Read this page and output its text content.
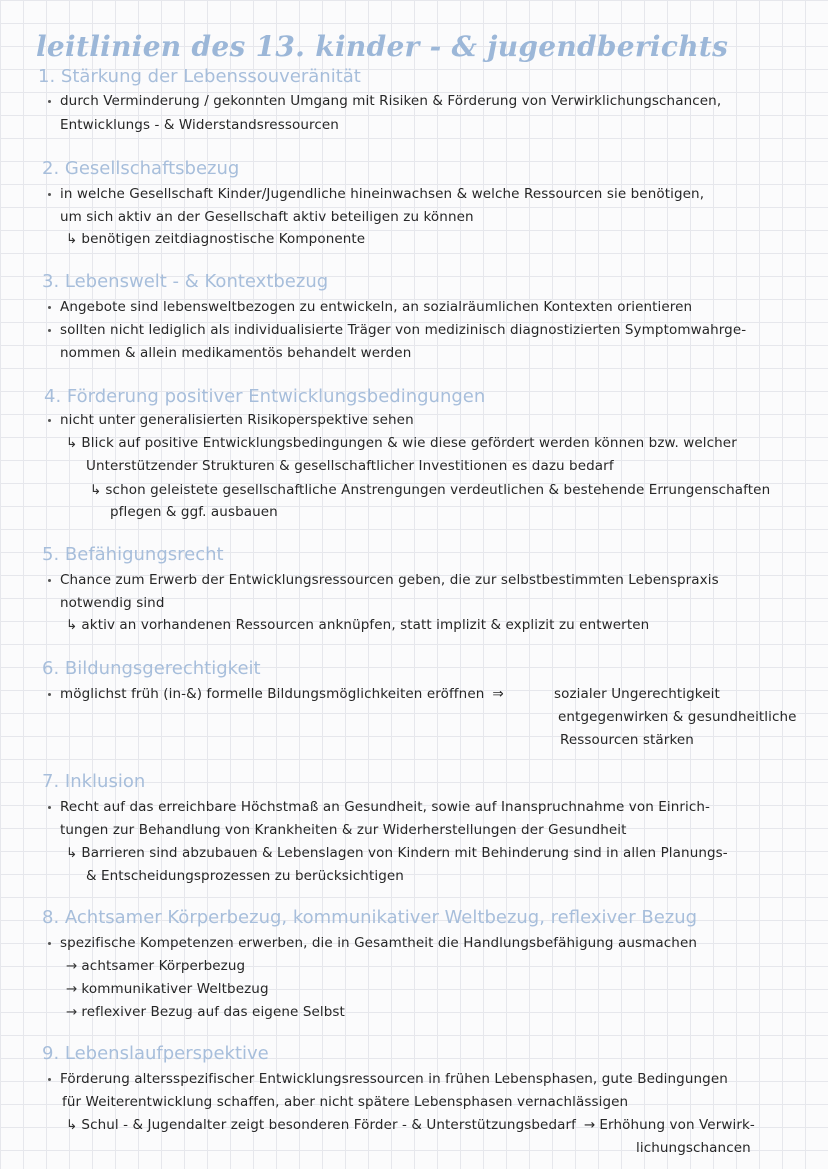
leitlinien des 13. kinder - & jugendberichts
1. Stärkung der Lebenssouveränität
durch Verminderung / gekonnten Umgang mit Risiken & Förderung von Verwirklichungschancen,
Entwicklungs - & Widerstandsressourcen
2. Gesellschaftsbezug
in welche Gesellschaft Kinder/Jugendliche hineinwachsen & welche Ressourcen sie benötigen,
um sich aktiv an der Gesellschaft aktiv beteiligen zu können
↳ benötigen zeitdiagnostische Komponente
3. Lebenswelt - & Kontextbezug
Angebote sind lebensweltbezogen zu entwickeln, an sozialräumlichen Kontexten orientieren
sollten nicht lediglich als individualisierte Träger von medizinisch diagnostizierten Symptomwahrge-
nommen & allein medikamentös behandelt werden
4. Förderung positiver Entwicklungsbedingungen
nicht unter generalisierten Risikoperspektive sehen
↳ Blick auf positive Entwicklungsbedingungen & wie diese gefördert werden können bzw. welcher
Unterstützender Strukturen & gesellschaftlicher Investitionen es dazu bedarf
↳ schon geleistete gesellschaftliche Anstrengungen verdeutlichen & bestehende Errungenschaften
pflegen & ggf. ausbauen
5. Befähigungsrecht
Chance zum Erwerb der Entwicklungsressourcen geben, die zur selbstbestimmten Lebenspraxis
notwendig sind
↳ aktiv an vorhandenen Ressourcen anknüpfen, statt implizit & explizit zu entwerten
6. Bildungsgerechtigkeit
möglichst früh (in-&) formelle Bildungsmöglichkeiten eröffnen ⇒	sozialer Ungerechtigkeit
entgegenwirken & gesundheitliche
Ressourcen stärken
7. Inklusion
Recht auf das erreichbare Höchstmaß an Gesundheit, sowie auf Inanspruchnahme von Einrich-
tungen zur Behandlung von Krankheiten & zur Widerherstellungen der Gesundheit
↳ Barrieren sind abzubauen & Lebenslagen von Kindern mit Behinderung sind in allen Planungs-
& Entscheidungsprozessen zu berücksichtigen
8. Achtsamer Körperbezug, kommunikativer Weltbezug, reflexiver Bezug
spezifische Kompetenzen erwerben, die in Gesamtheit die Handlungsbefähigung ausmachen
→ achtsamer Körperbezug
→ kommunikativer Weltbezug
→ reflexiver Bezug auf das eigene Selbst
9. Lebenslaufperspektive
Förderung altersspezifischer Entwicklungsressourcen in frühen Lebensphasen, gute Bedingungen
für Weiterentwicklung schaffen, aber nicht spätere Lebensphasen vernachlässigen
↳ Schul - & Jugendalter zeigt besonderen Förder - & Unterstützungsbedarf → Erhöhung von Verwirk-
lichungschancen
